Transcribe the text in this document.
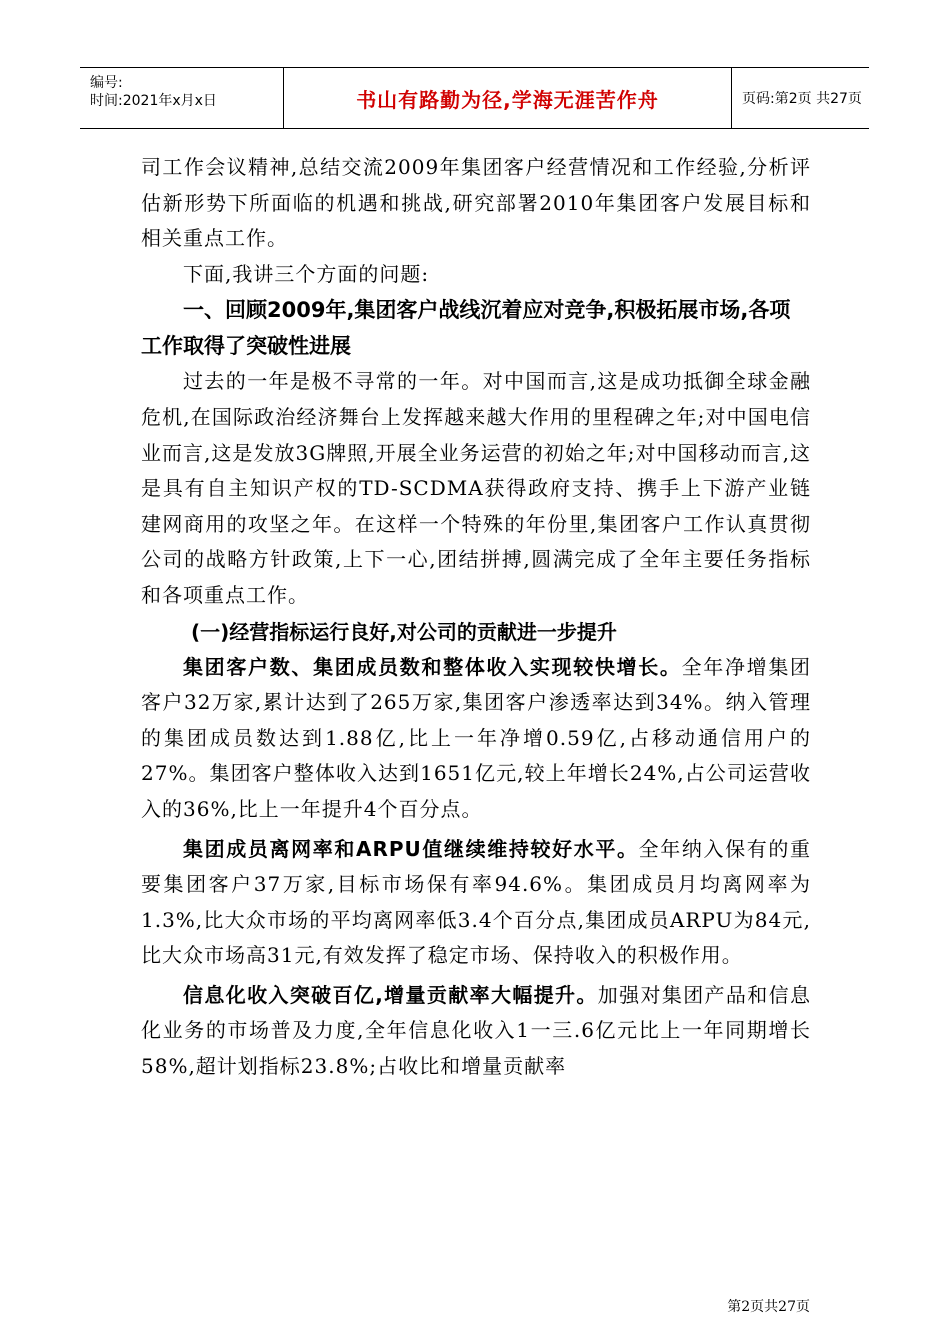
编号:
时间:2021年x月x日	书山有路勤为径,学海无涯苦作舟	页码:第2页 共27页

司工作会议精神,总结交流2009年集团客户经营情况和工作经验,分析评估新形势下所面临的机遇和挑战,研究部署2010年集团客户发展目标和相关重点工作。

下面,我讲三个方面的问题:

一、回顾2009年,集团客户战线沉着应对竞争,积极拓展市场,各项工作取得了突破性进展

过去的一年是极不寻常的一年。对中国而言,这是成功抵御全球金融危机,在国际政治经济舞台上发挥越来越大作用的里程碑之年;对中国电信业而言,这是发放3G牌照,开展全业务运营的初始之年;对中国移动而言,这是具有自主知识产权的TD-SCDMA获得政府支持、携手上下游产业链建网商用的攻坚之年。在这样一个特殊的年份里,集团客户工作认真贯彻公司的战略方针政策,上下一心,团结拼搏,圆满完成了全年主要任务指标和各项重点工作。

(一)经营指标运行良好,对公司的贡献进一步提升

集团客户数、集团成员数和整体收入实现较快增长。全年净增集团客户32万家,累计达到了265万家,集团客户渗透率达到34%。纳入管理的集团成员数达到1.88亿,比上一年净增0.59亿,占移动通信用户的27%。集团客户整体收入达到1651亿元,较上年增长24%,占公司运营收入的36%,比上一年提升4个百分点。

集团成员离网率和ARPU值继续维持较好水平。全年纳入保有的重要集团客户37万家,目标市场保有率94.6%。集团成员月均离网率为1.3%,比大众市场的平均离网率低3.4个百分点,集团成员ARPU为84元,比大众市场高31元,有效发挥了稳定市场、保持收入的积极作用。

信息化收入突破百亿,增量贡献率大幅提升。加强对集团产品和信息化业务的市场普及力度,全年信息化收入1一三.6亿元比上一年同期增长58%,超计划指标23.8%;占收比和增量贡献率

第2页共27页
